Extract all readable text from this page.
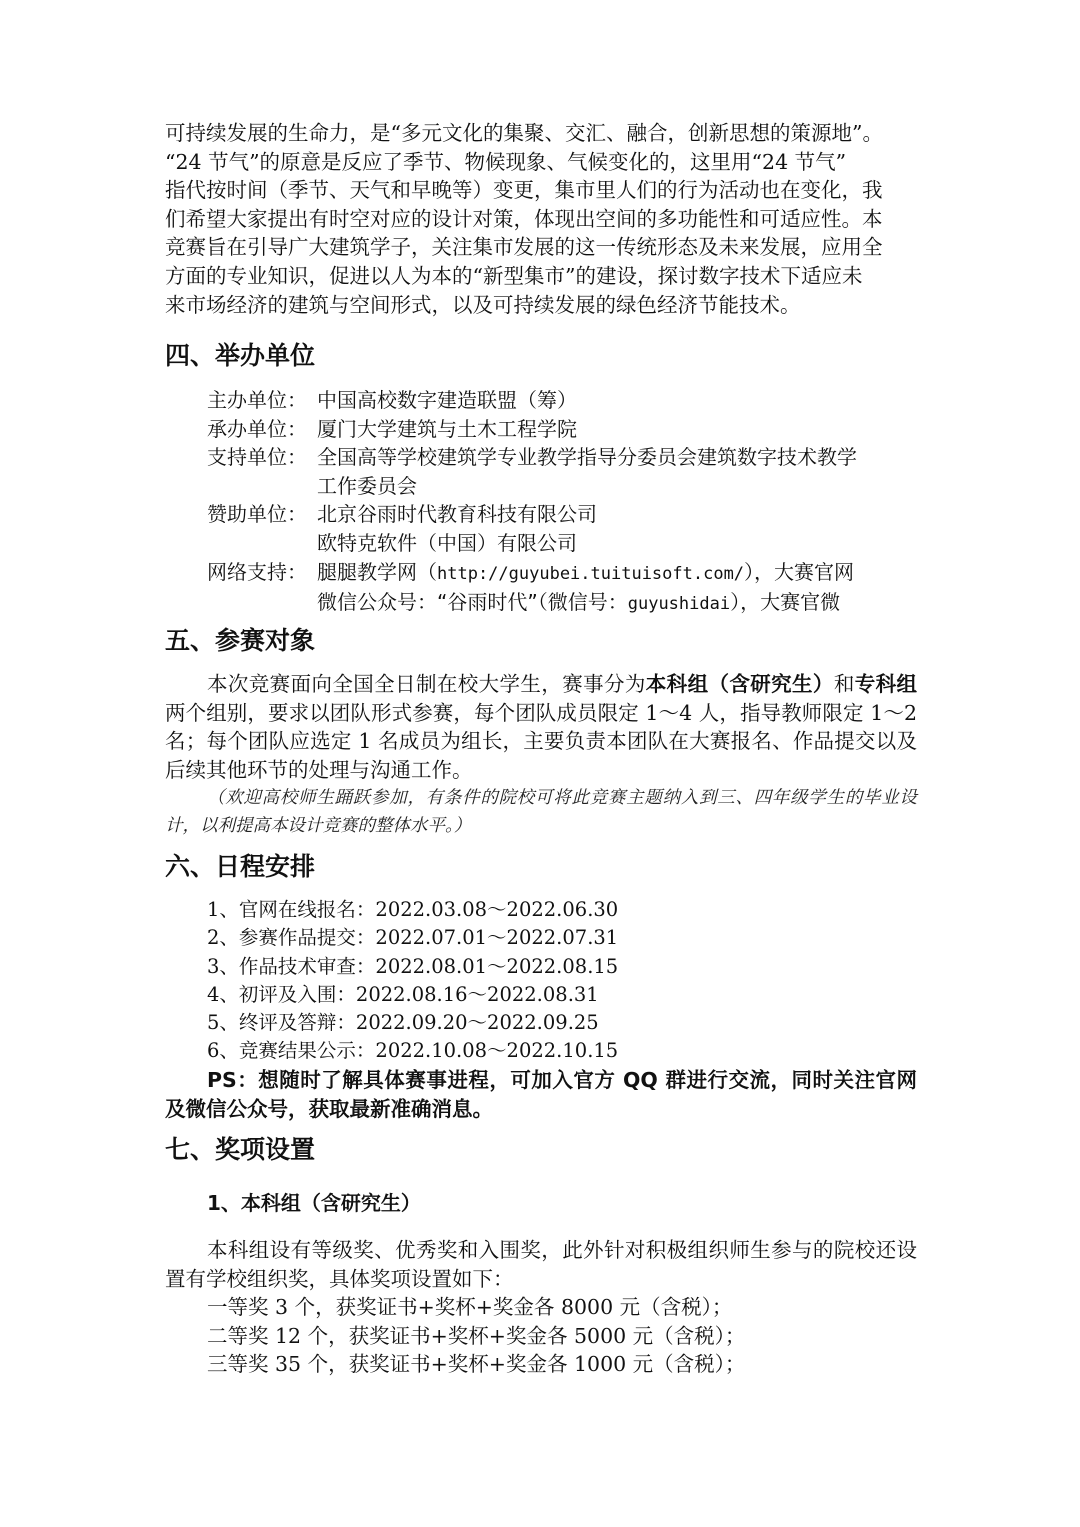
可持续发展的生命力，是“多元文化的集聚、交汇、融合，创新思想的策源地”。

“24 节气”的原意是反应了季节、物候现象、气候变化的，这里用“24 节气”

指代按时间（季节、天气和早晚等）变更，集市里人们的行为活动也在变化，我

们希望大家提出有时空对应的设计对策，体现出空间的多功能性和可适应性。本

竞赛旨在引导广大建筑学子，关注集市发展的这一传统形态及未来发展，应用全

方面的专业知识，促进以人为本的“新型集市”的建设，探讨数字技术下适应未

来市场经济的建筑与空间形式，以及可持续发展的绿色经济节能技术。

四、举办单位
主办单位： 中国高校数字建造联盟（筹）
承办单位： 厦门大学建筑与土木工程学院
支持单位： 全国高等学校建筑学专业教学指导分委员会建筑数字技术教学
工作委员会
赞助单位： 北京谷雨时代教育科技有限公司
欧特克软件（中国）有限公司
网络支持： 腿腿教学网（http://guyubei.tuituisoft.com/），大赛官网
微信公众号：“谷雨时代”（微信号：guyushidai），大赛官微
五、参赛对象

本次竞赛面向全国全日制在校大学生，赛事分为本科组（含研究生）和专科组两个组别，要求以团队形式参赛，每个团队成员限定 1～4 人，指导教师限定 1～2 名；每个团队应选定 1 名成员为组长，主要负责本团队在大赛报名、作品提交以及后续其他环节的处理与沟通工作。

（欢迎高校师生踊跃参加，有条件的院校可将此竞赛主题纳入到三、四年级学生的毕业设计，以利提高本设计竞赛的整体水平。）

六、日程安排
1、官网在线报名：2022.03.08～2022.06.30
2、参赛作品提交：2022.07.01～2022.07.31
3、作品技术审查：2022.08.01～2022.08.15
4、初评及入围：2022.08.16～2022.08.31
5、终评及答辩：2022.09.20～2022.09.25
6、竞赛结果公示：2022.10.08～2022.10.15

PS：想随时了解具体赛事进程，可加入官方 QQ 群进行交流，同时关注官网及微信公众号，获取最新准确消息。

七、奖项设置
1、本科组（含研究生）

本科组设有等级奖、优秀奖和入围奖，此外针对积极组织师生参与的院校还设置有学校组织奖，具体奖项设置如下：

一等奖 3 个，获奖证书+奖杯+奖金各 8000 元（含税）；

二等奖 12 个，获奖证书+奖杯+奖金各 5000 元（含税）；

三等奖 35 个，获奖证书+奖杯+奖金各 1000 元（含税）；
